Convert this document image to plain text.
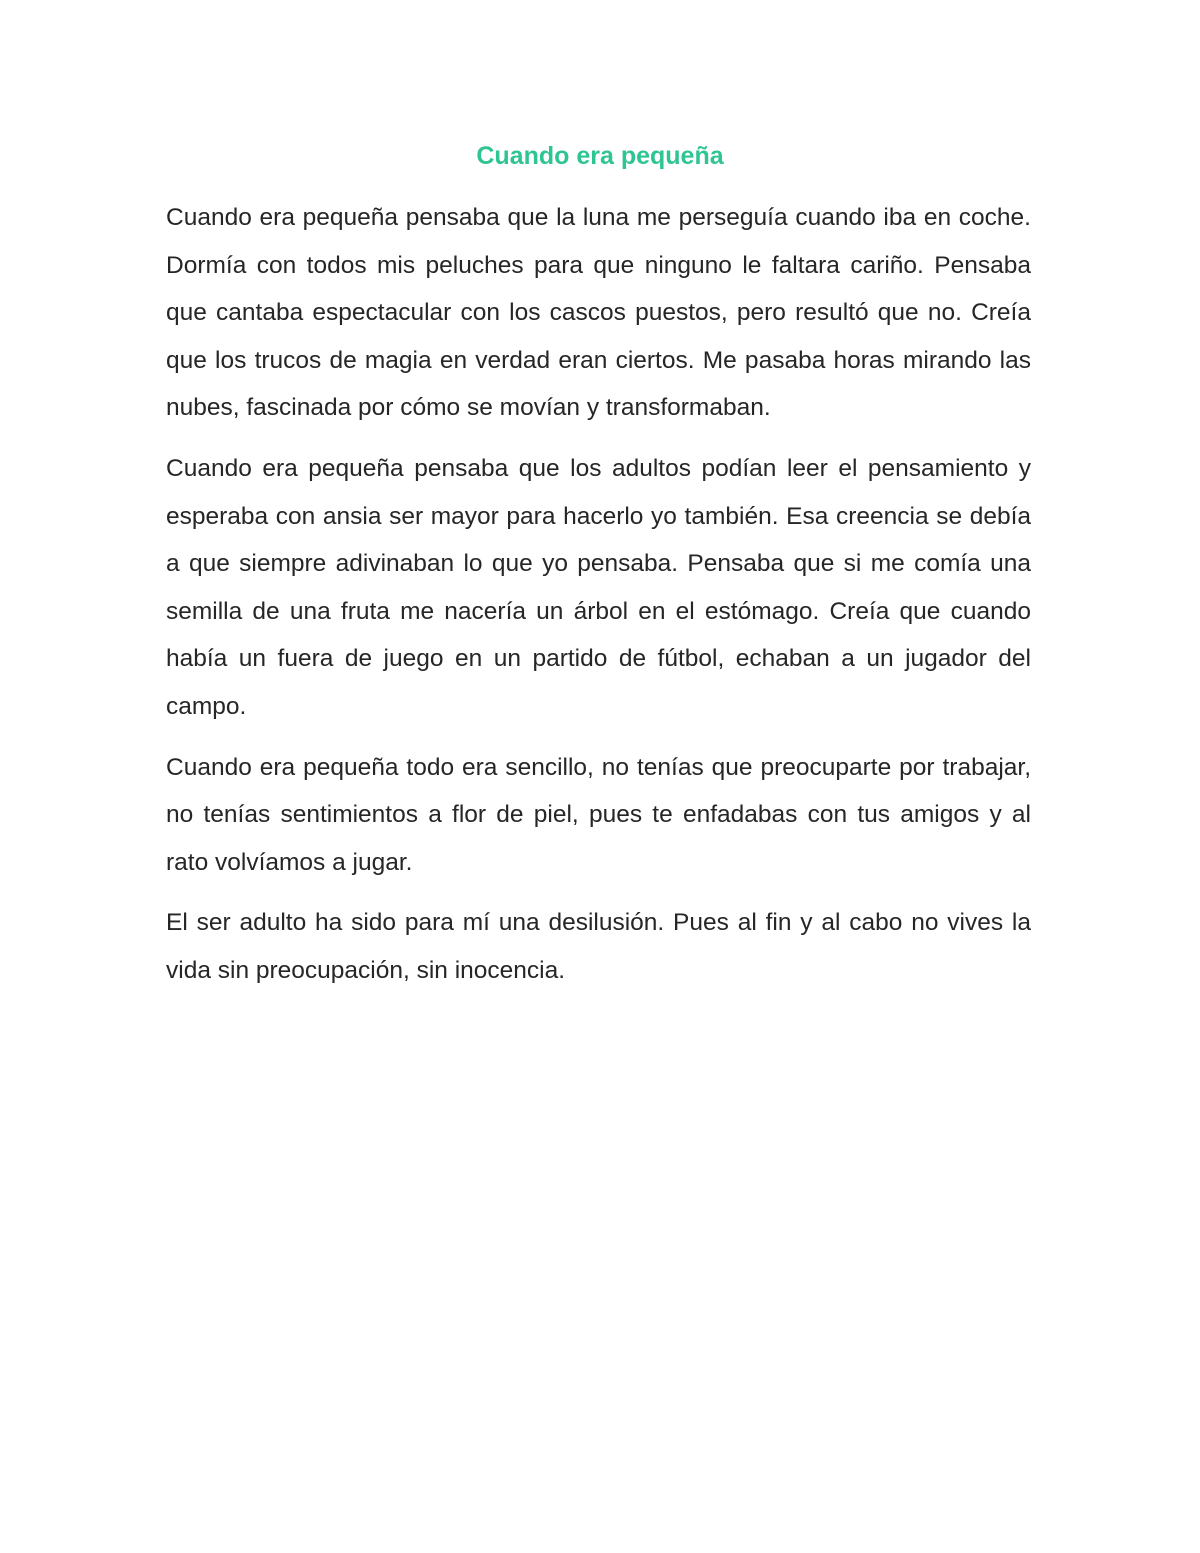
Cuando era pequeña

Cuando era pequeña pensaba que la luna me perseguía cuando iba en coche. Dormía con todos mis peluches para que ninguno le faltara cariño. Pensaba que cantaba espectacular con los cascos puestos, pero resultó que no. Creía que los trucos de magia en verdad eran ciertos. Me pasaba horas mirando las nubes, fascinada por cómo se movían y transformaban.

Cuando era pequeña pensaba que los adultos podían leer el pensamiento y esperaba con ansia ser mayor para hacerlo yo también. Esa creencia se debía a que siempre adivinaban lo que yo pensaba. Pensaba que si me comía una semilla de una fruta me nacería un árbol en el estómago. Creía que cuando había un fuera de juego en un partido de fútbol, echaban a un jugador del campo.

Cuando era pequeña todo era sencillo, no tenías que preocuparte por trabajar, no tenías sentimientos a flor de piel, pues te enfadabas con tus amigos y al rato volvíamos a jugar.

El ser adulto ha sido para mí una desilusión. Pues al fin y al cabo no vives la vida sin preocupación, sin inocencia.
